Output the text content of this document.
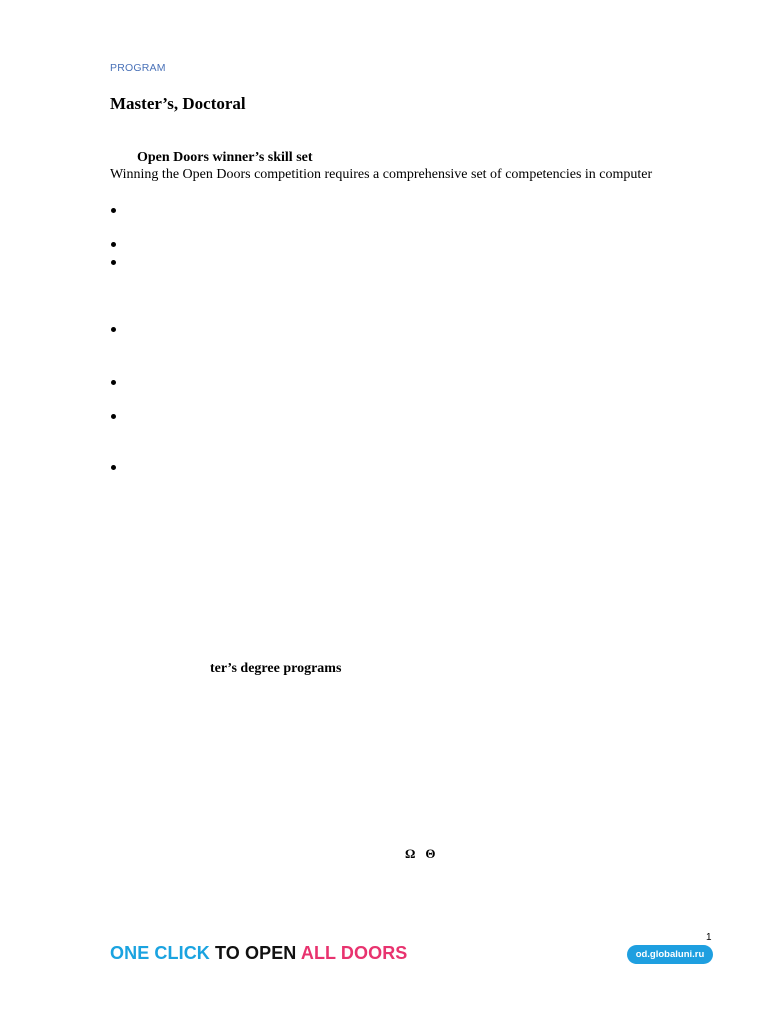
PROGRAM
Master’s, Doctoral
Open Doors winner’s skill set
Winning the Open Doors competition requires a comprehensive set of competencies in computer
ter’s degree programs
Ω Θ
1
ONE CLICK TO OPEN ALL DOORS	od.globaluni.ru
